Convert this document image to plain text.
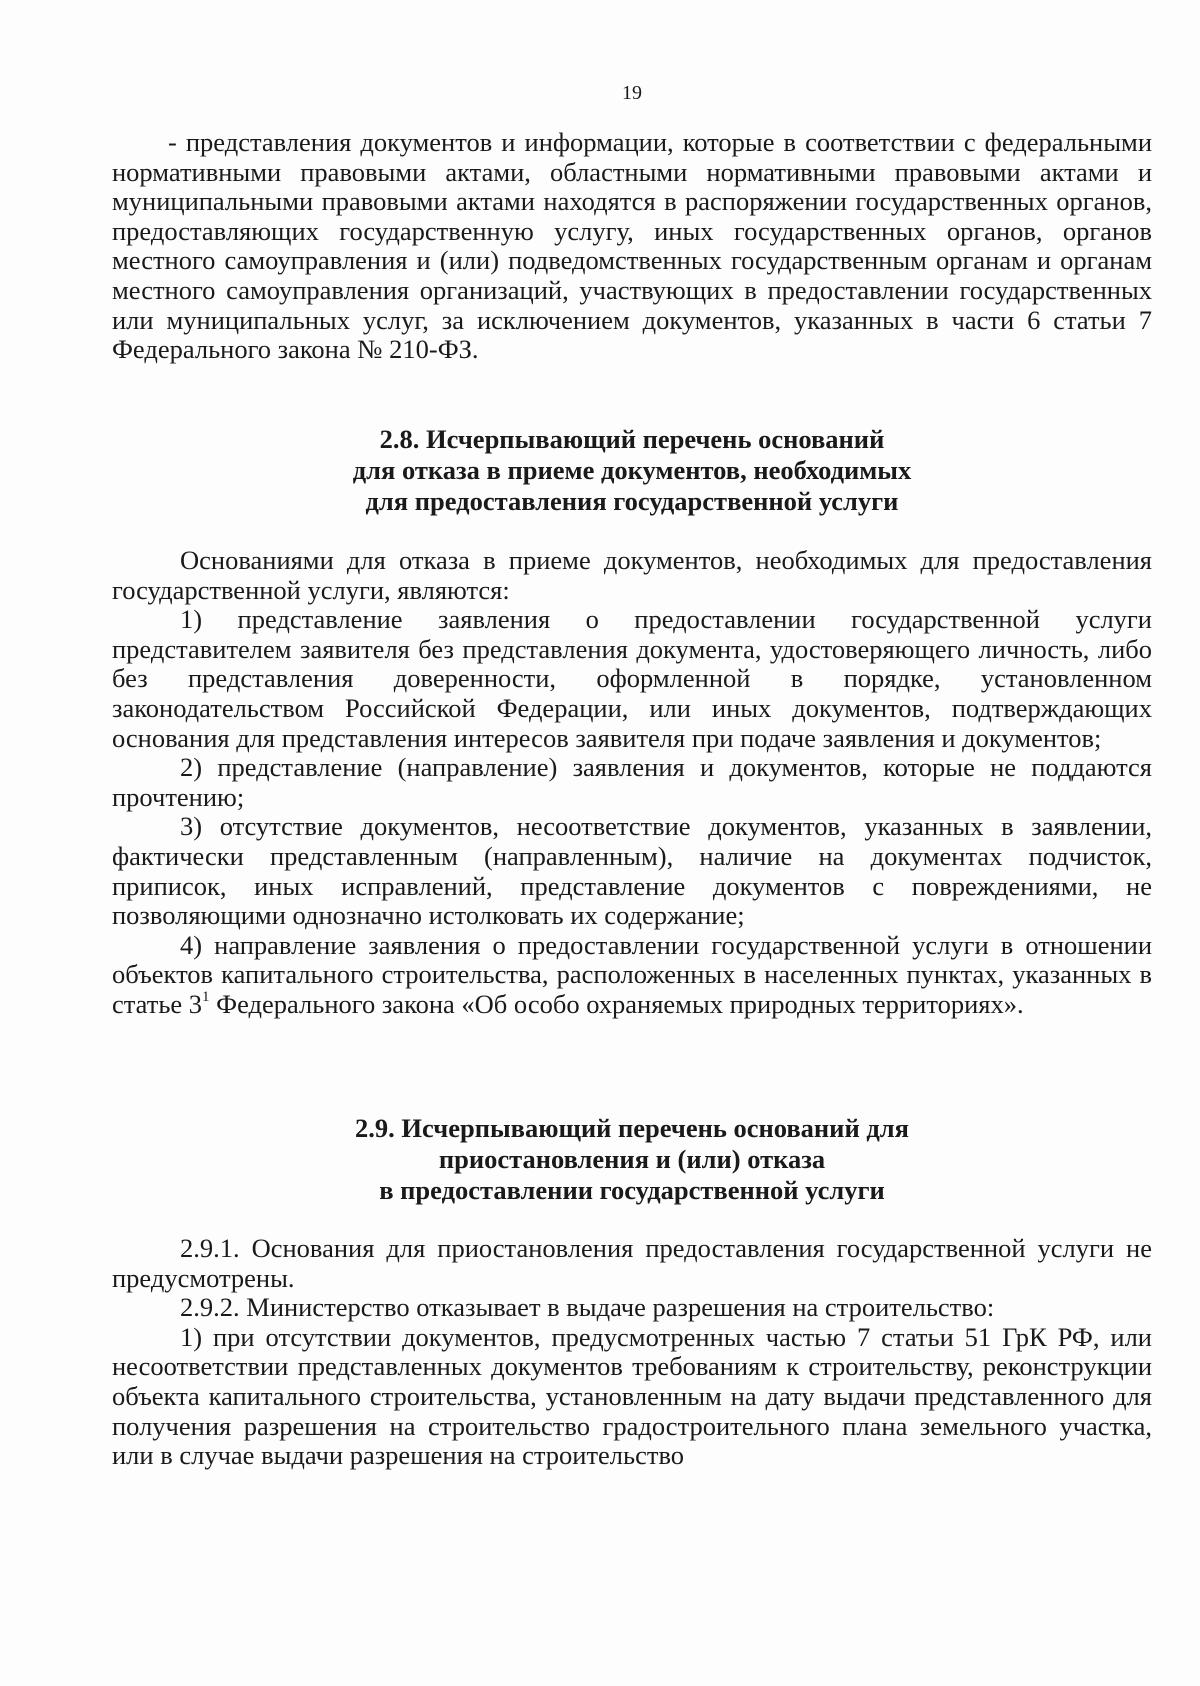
19

- представления документов и информации, которые в соответствии с федеральными нормативными правовыми актами, областными нормативными правовыми актами и муниципальными правовыми актами находятся в распоряжении государственных органов, предоставляющих государственную услугу, иных государственных органов, органов местного самоуправления и (или) подведомственных государственным органам и органам местного самоуправления организаций, участвующих в предоставлении государственных или муниципальных услуг, за исключением документов, указанных в части 6 статьи 7 Федерального закона № 210-ФЗ.

2.8. Исчерпывающий перечень оснований
для отказа в приеме документов, необходимых
для предоставления государственной услуги

Основаниями для отказа в приеме документов, необходимых для предоставления государственной услуги, являются:

1) представление заявления о предоставлении государственной услуги представителем заявителя без представления документа, удостоверяющего личность, либо без представления доверенности, оформленной в порядке, установленном законодательством Российской Федерации, или иных документов, подтверждающих основания для представления интересов заявителя при подаче заявления и документов;

2) представление (направление) заявления и документов, которые не поддаются прочтению;

3) отсутствие документов, несоответствие документов, указанных в заявлении, фактически представленным (направленным), наличие на документах подчисток, приписок, иных исправлений, представление документов с повреждениями, не позволяющими однозначно истолковать их содержание;

4) направление заявления о предоставлении государственной услуги в отношении объектов капитального строительства, расположенных в населенных пунктах, указанных в статье $3^1$ Федерального закона «Об особо охраняемых природных территориях».

2.9. Исчерпывающий перечень оснований для
приостановления и (или) отказа
в предоставлении государственной услуги

2.9.1. Основания для приостановления предоставления государственной услуги не предусмотрены.

2.9.2. Министерство отказывает в выдаче разрешения на строительство:

1) при отсутствии документов, предусмотренных частью 7 статьи 51 ГрК РФ, или несоответствии представленных документов требованиям к строительству, реконструкции объекта капитального строительства, установленным на дату выдачи представленного для получения разрешения на строительство градостроительного плана земельного участка, или в случае выдачи разрешения на строительство
